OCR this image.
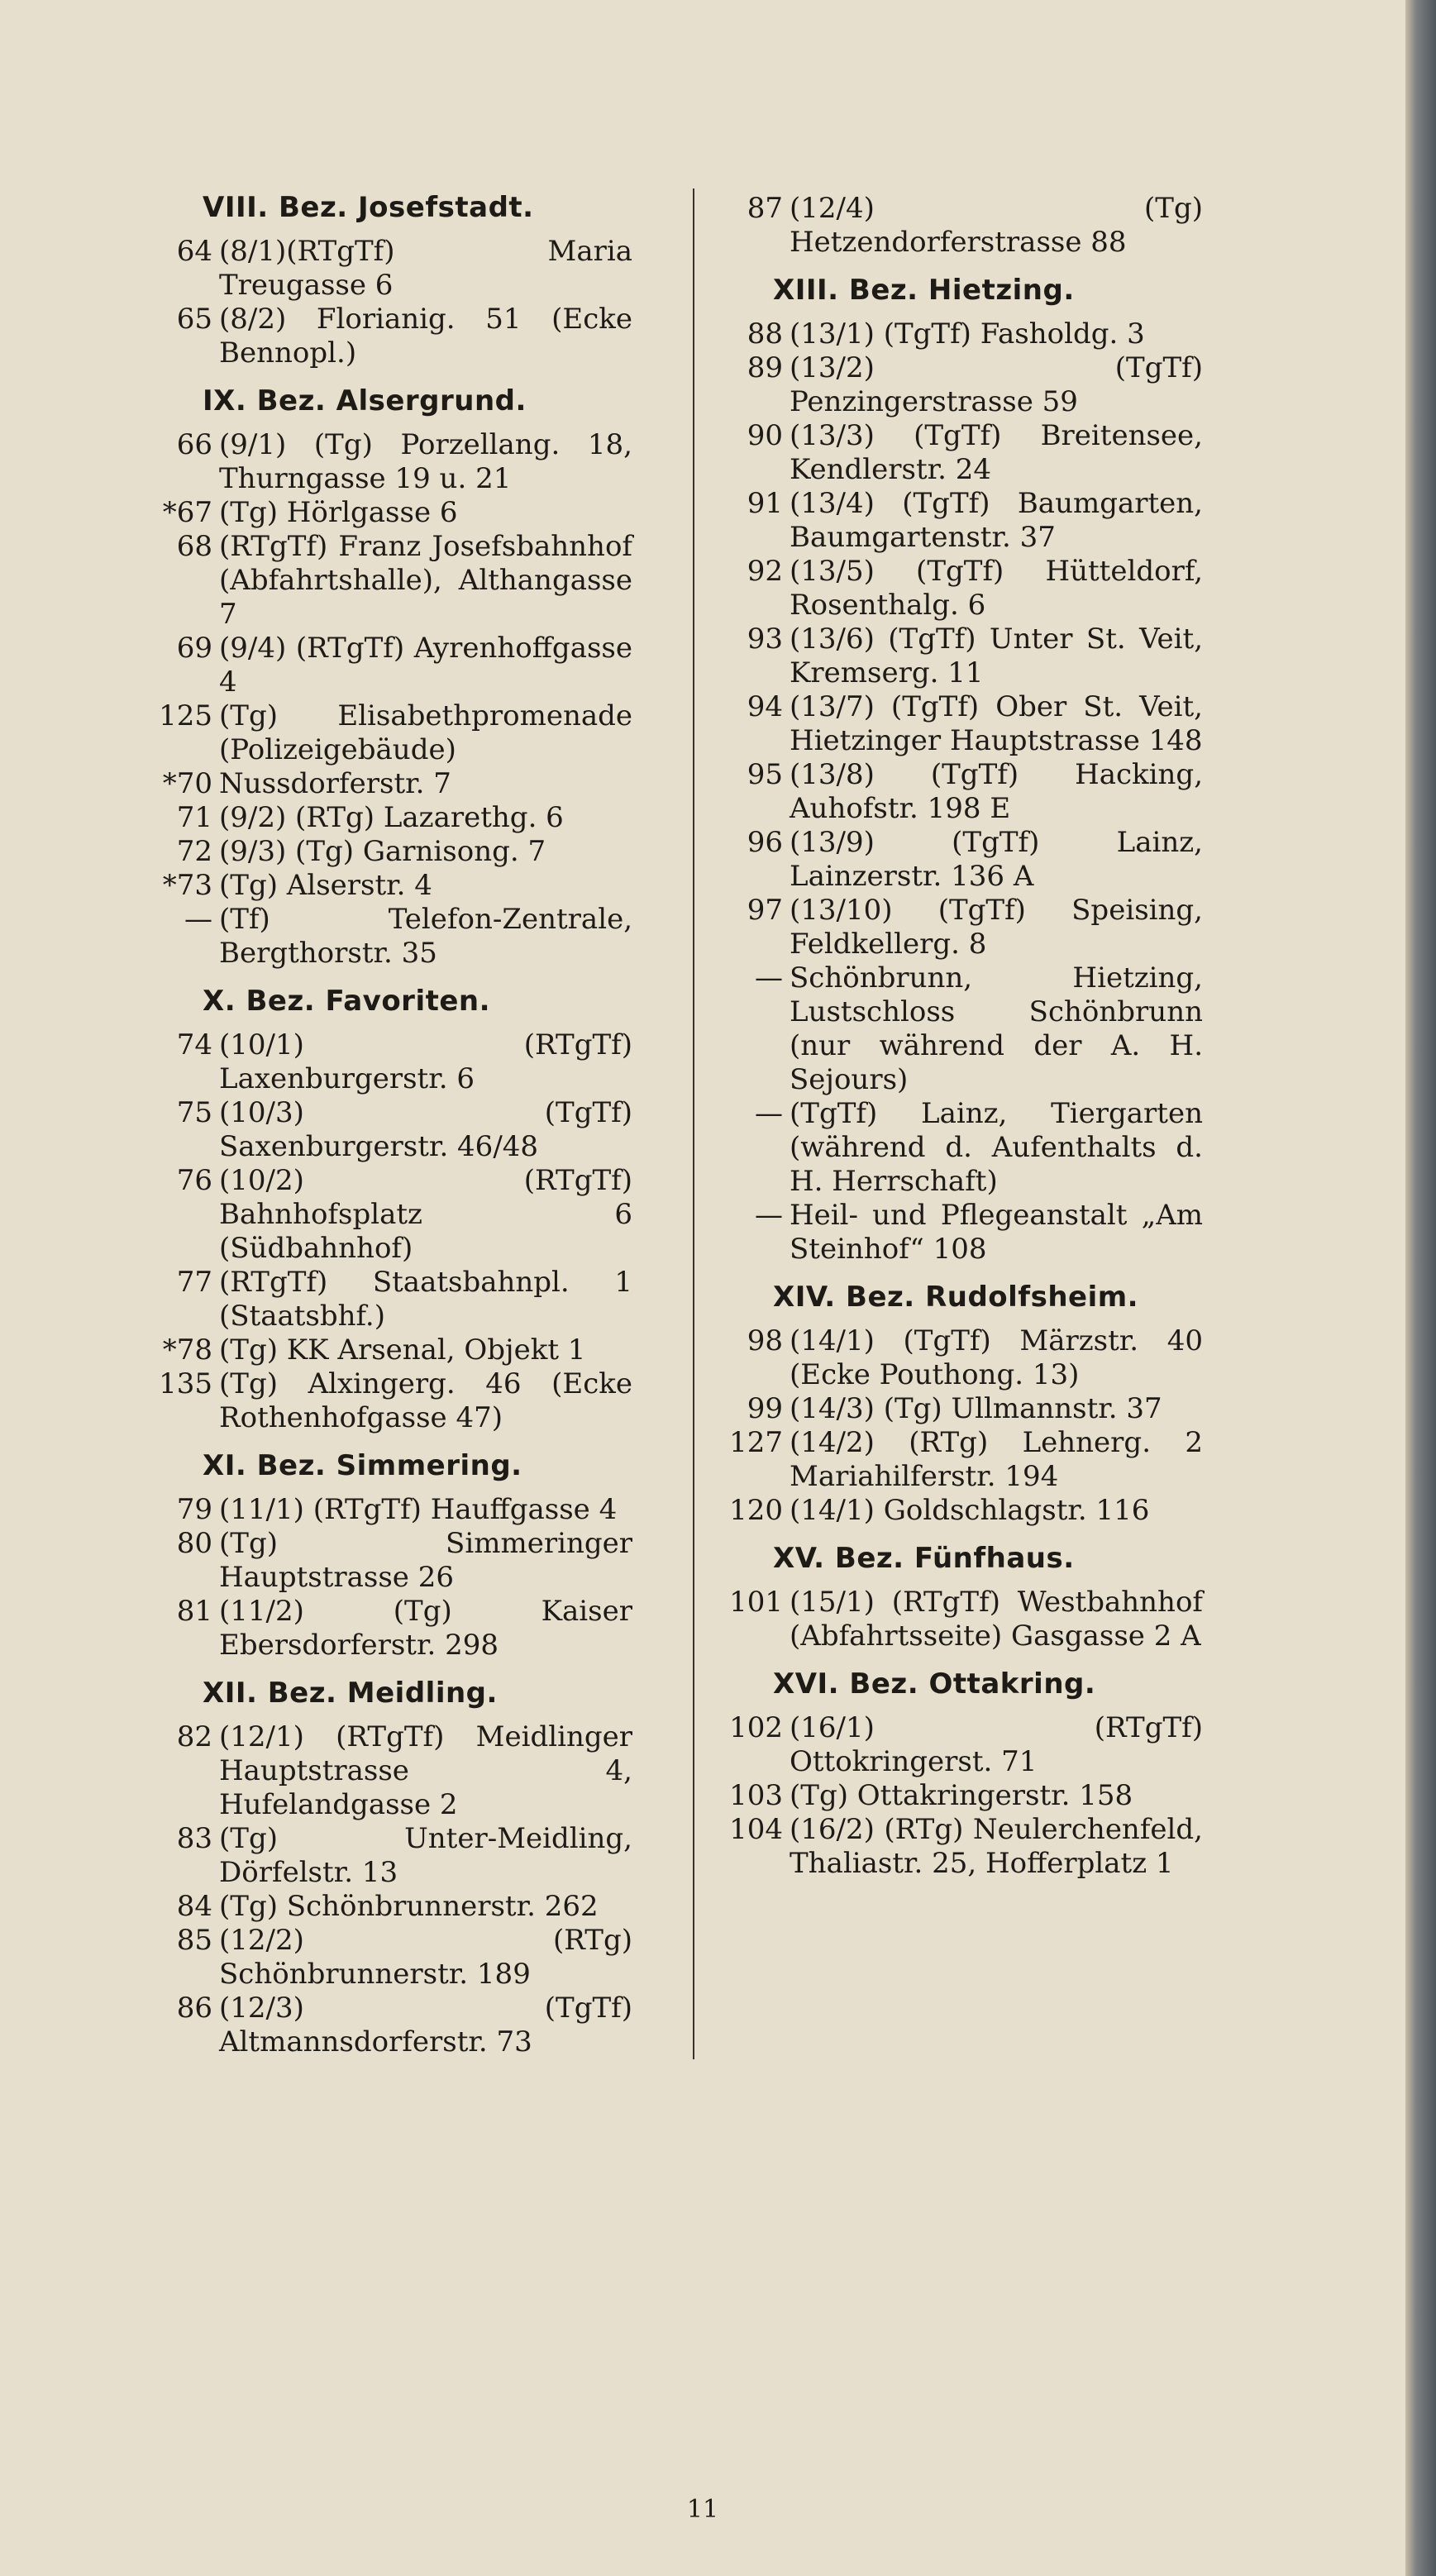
VIII. Bez. Josefstadt.
64 (8/1)(RTgTf) Maria Treugasse 6
65 (8/2) Florianig. 51 (Ecke Bennopl.)
IX. Bez. Alsergrund.
66 (9/1) (Tg) Porzellang. 18, Thurngasse 19 u. 21
*67 (Tg) Hörlgasse 6
68 (RTgTf) Franz Josefsbahnhof (Abfahrtshalle), Althangasse 7
69 (9/4) (RTgTf) Ayrenhoffgasse 4
125 (Tg) Elisabethpromenade (Polizeigebäude)
*70 Nussdorferstr. 7
71 (9/2) (RTg) Lazarethg. 6
72 (9/3) (Tg) Garnisong. 7
*73 (Tg) Alserstr. 4
— (Tf) Telefon-Zentrale, Bergthorstr. 35
X. Bez. Favoriten.
74 (10/1) (RTgTf) Laxenburgerstr. 6
75 (10/3) (TgTf) Saxenburgerstr. 46/48
76 (10/2) (RTgTf) Bahnhofsplatz 6 (Südbahnhof)
77 (RTgTf) Staatsbahnpl. 1 (Staatsbhf.)
*78 (Tg) KK Arsenal, Objekt 1
135 (Tg) Alxingerg. 46 (Ecke Rothenhofgasse 47)
XI. Bez. Simmering.
79 (11/1) (RTgTf) Hauffgasse 4
80 (Tg) Simmeringer Hauptstrasse 26
81 (11/2) (Tg) Kaiser Ebersdorferstr. 298
XII. Bez. Meidling.
82 (12/1) (RTgTf) Meidlinger Hauptstrasse 4, Hufelandgasse 2
83 (Tg) Unter-Meidling, Dörfelstr. 13
84 (Tg) Schönbrunnerstr. 262
85 (12/2) (RTg) Schönbrunnerstr. 189
86 (12/3) (TgTf) Altmannsdorferstr. 73
87 (12/4) (Tg) Hetzendorferstrasse 88
XIII. Bez. Hietzing.
88 (13/1) (TgTf) Fasholdg. 3
89 (13/2) (TgTf) Penzingerstrasse 59
90 (13/3) (TgTf) Breitensee, Kendlerstr. 24
91 (13/4) (TgTf) Baumgarten, Baumgartenstr. 37
92 (13/5) (TgTf) Hütteldorf, Rosenthalg. 6
93 (13/6) (TgTf) Unter St. Veit, Kremserg. 11
94 (13/7) (TgTf) Ober St. Veit, Hietzinger Hauptstrasse 148
95 (13/8) (TgTf) Hacking, Auhofstr. 198 E
96 (13/9) (TgTf) Lainz, Lainzerstr. 136 A
97 (13/10) (TgTf) Speising, Feldkellerg. 8
— Schönbrunn, Hietzing, Lustschloss Schönbrunn (nur während der A. H. Sejours)
— (TgTf) Lainz, Tiergarten (während d. Aufenthalts d. H. Herrschaft)
— Heil- und Pflegeanstalt „Am Steinhof“ 108
XIV. Bez. Rudolfsheim.
98 (14/1) (TgTf) Märzstr. 40 (Ecke Pouthong. 13)
99 (14/3) (Tg) Ullmannstr. 37
127 (14/2) (RTg) Lehnerg. 2 Mariahilferstr. 194
120 (14/1) Goldschlagstr. 116
XV. Bez. Fünfhaus.
101 (15/1) (RTgTf) Westbahnhof (Abfahrtsseite) Gasgasse 2 A
XVI. Bez. Ottakring.
102 (16/1) (RTgTf) Ottokringerst. 71
103 (Tg) Ottakringerstr. 158
104 (16/2) (RTg) Neulerchenfeld, Thaliastr. 25, Hofferplatz 1
11
